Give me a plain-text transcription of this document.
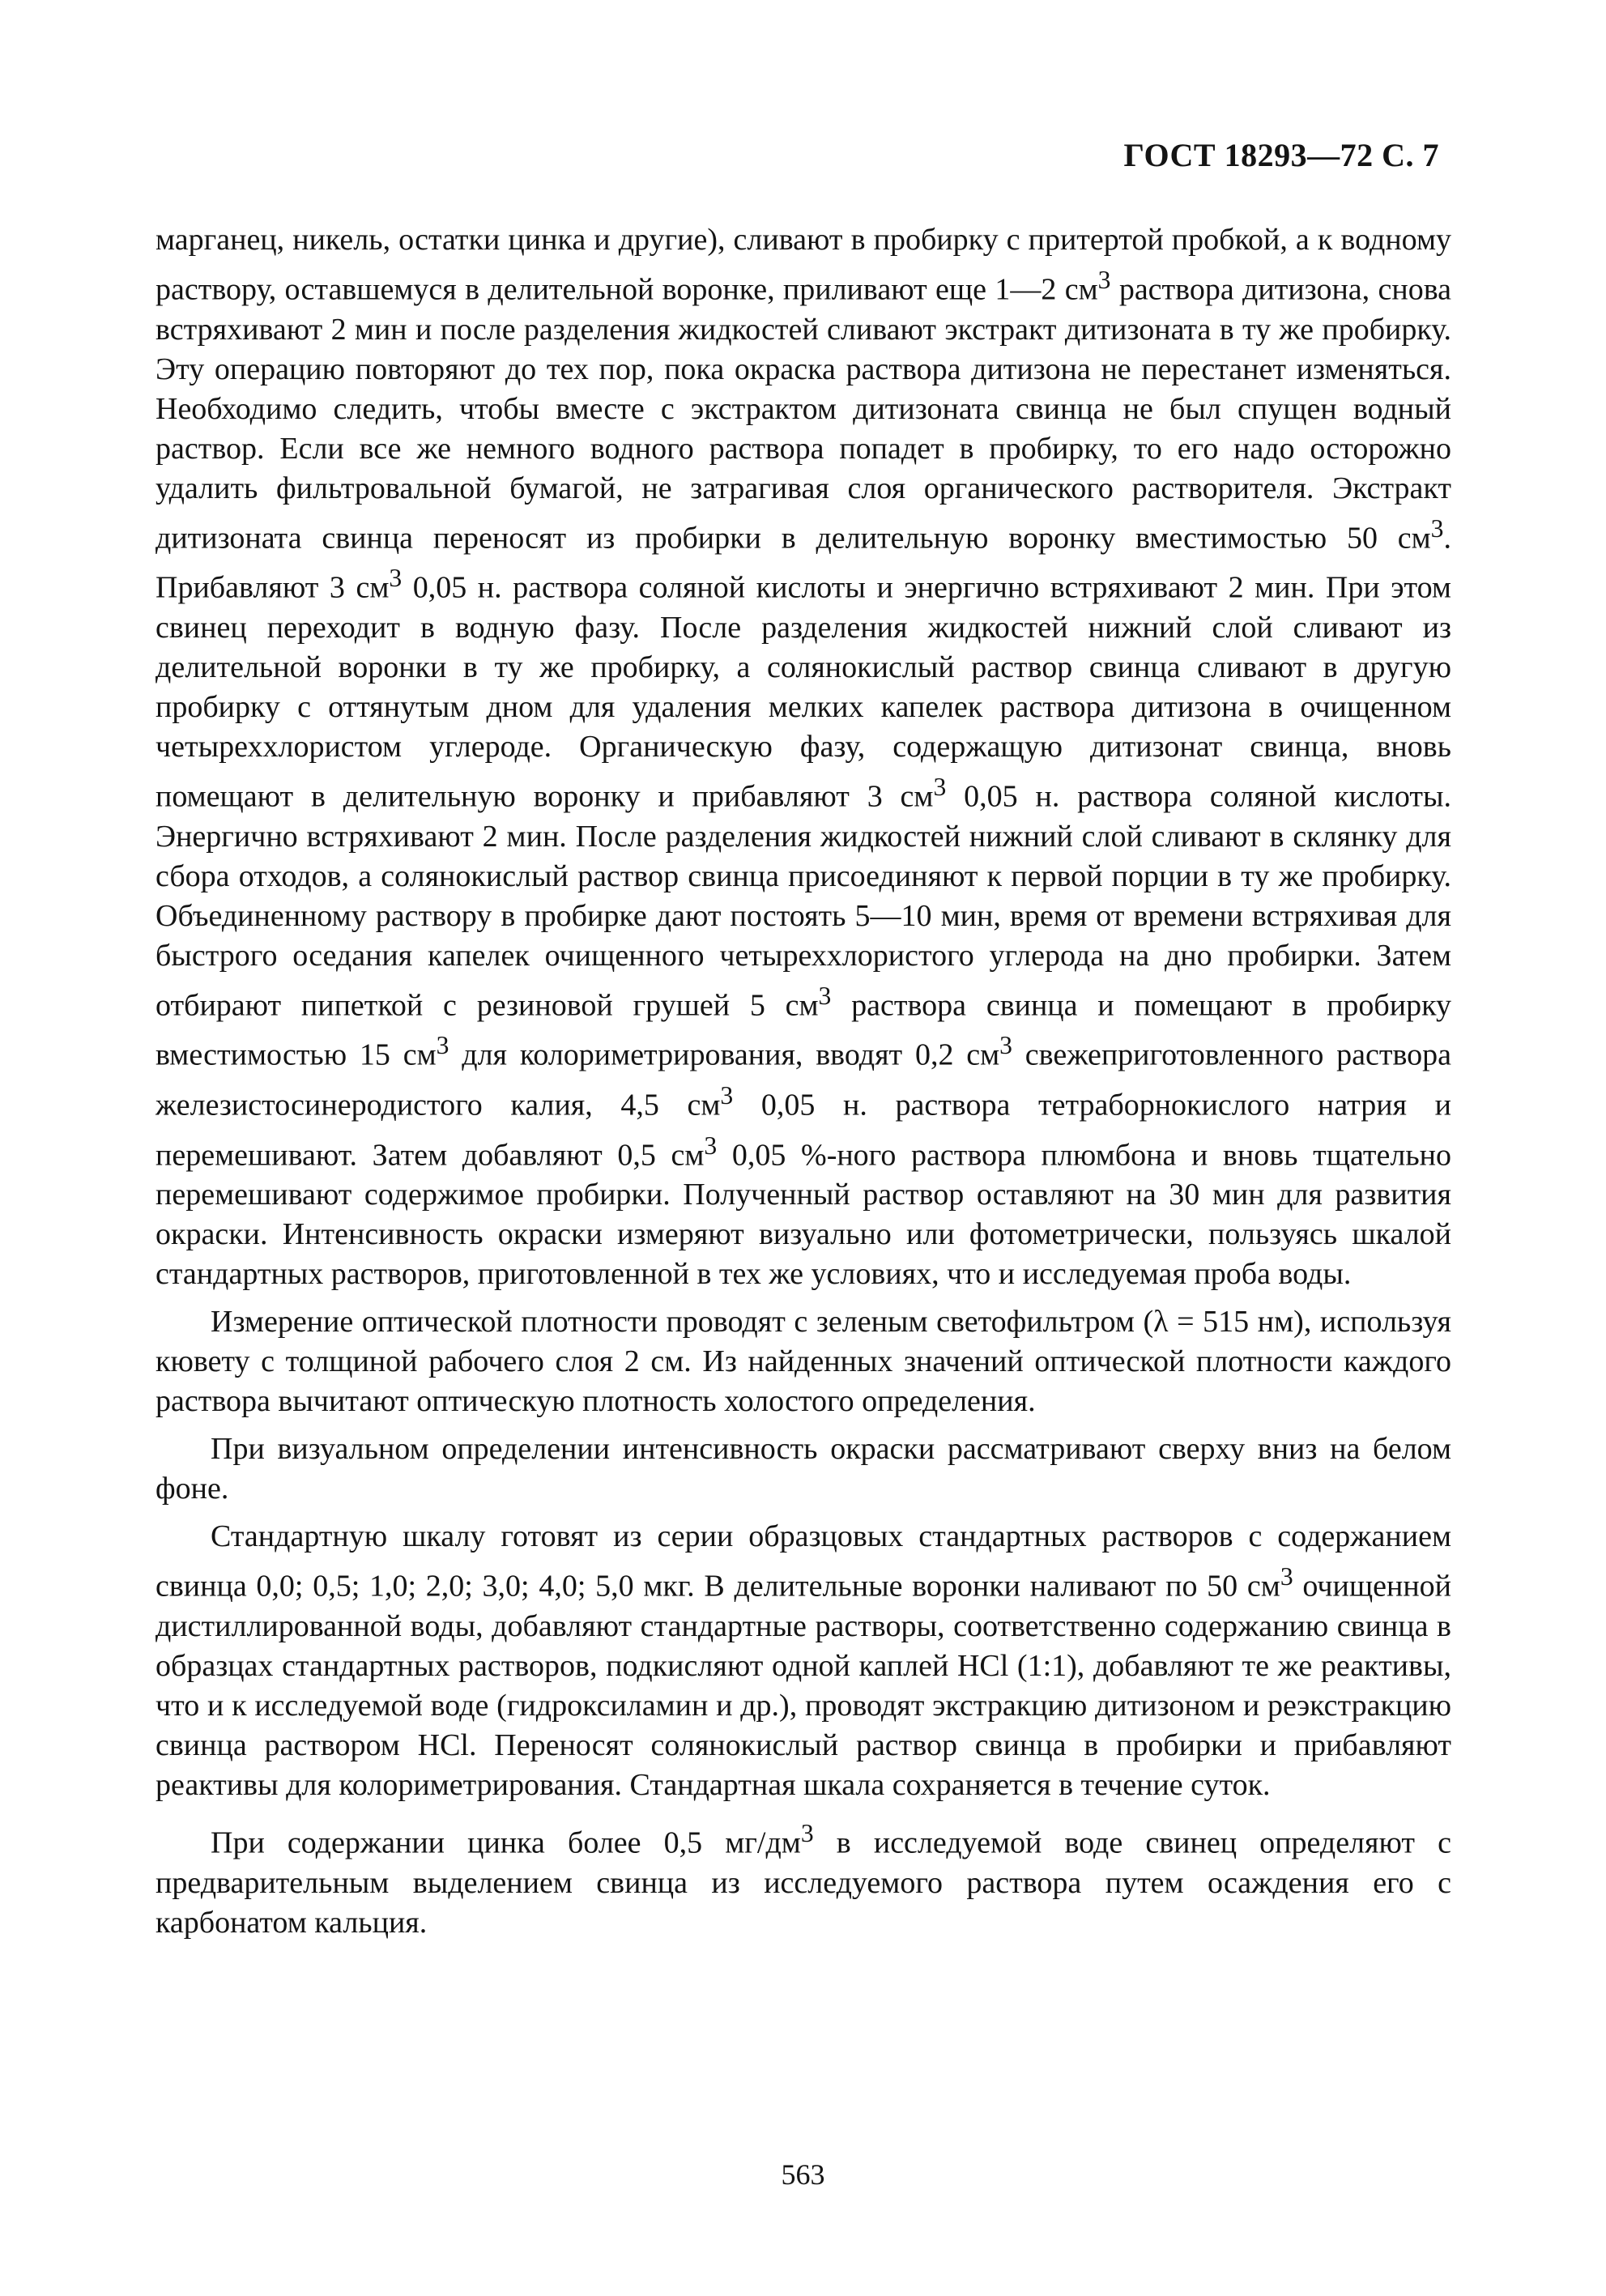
ГОСТ 18293—72 С. 7

марганец, никель, остатки цинка и другие), сливают в пробирку с притертой пробкой, а к водному раствору, оставшемуся в делительной воронке, приливают еще 1—2 $см^3$ раствора дитизона, снова встряхивают 2 мин и после разделения жидкостей сливают экстракт дитизоната в ту же пробирку. Эту операцию повторяют до тех пор, пока окраска раствора дитизона не перестанет изменяться. Необходимо следить, чтобы вместе с экстрактом дитизоната свинца не был спущен водный раствор. Если все же немного водного раствора попадет в пробирку, то его надо осторожно удалить фильтровальной бумагой, не затрагивая слоя органического растворителя. Экстракт дитизоната свинца переносят из пробирки в делительную воронку вместимостью 50 $см^3$. Прибавляют 3 $см^3$ 0,05 н. раствора соляной кислоты и энергично встряхивают 2 мин. При этом свинец переходит в водную фазу. После разделения жидкостей нижний слой сливают из делительной воронки в ту же пробирку, а солянокислый раствор свинца сливают в другую пробирку с оттянутым дном для удаления мелких капелек раствора дитизона в очищенном четыреххлористом углероде. Органическую фазу, содержащую дитизонат свинца, вновь помещают в делительную воронку и прибавляют 3 $см^3$ 0,05 н. раствора соляной кислоты. Энергично встряхивают 2 мин. После разделения жидкостей нижний слой сливают в склянку для сбора отходов, а солянокислый раствор свинца присоединяют к первой порции в ту же пробирку. Объединенному раствору в пробирке дают постоять 5—10 мин, время от времени встряхивая для быстрого оседания капелек очищенного четыреххлористого углерода на дно пробирки. Затем отбирают пипеткой с резиновой грушей 5 $см^3$ раствора свинца и помещают в пробирку вместимостью 15 $см^3$ для колориметрирования, вводят 0,2 $см^3$ свежеприготовленного раствора железистосинеродистого калия, 4,5 $см^3$ 0,05 н. раствора тетраборнокислого натрия и перемешивают. Затем добавляют 0,5 $см^3$ 0,05 %-ного раствора плюмбона и вновь тщательно перемешивают содержимое пробирки. Полученный раствор оставляют на 30 мин для развития окраски. Интенсивность окраски измеряют визуально или фотометрически, пользуясь шкалой стандартных растворов, приготовленной в тех же условиях, что и исследуемая проба воды.

Измерение оптической плотности проводят с зеленым светофильтром (λ = 515 нм), используя кювету с толщиной рабочего слоя 2 см. Из найденных значений оптической плотности каждого раствора вычитают оптическую плотность холостого определения.

При визуальном определении интенсивность окраски рассматривают сверху вниз на белом фоне.

Стандартную шкалу готовят из серии образцовых стандартных растворов с содержанием свинца 0,0; 0,5; 1,0; 2,0; 3,0; 4,0; 5,0 мкг. В делительные воронки наливают по 50 $см^3$ очищенной дистиллированной воды, добавляют стандартные растворы, соответственно содержанию свинца в образцах стандартных растворов, подкисляют одной каплей HCl (1:1), добавляют те же реактивы, что и к исследуемой воде (гидроксиламин и др.), проводят экстракцию дитизоном и реэкстракцию свинца раствором HCl. Переносят солянокислый раствор свинца в пробирки и прибавляют реактивы для колориметрирования. Стандартная шкала сохраняется в течение суток.

При содержании цинка более 0,5 $мг/дм^3$ в исследуемой воде свинец определяют с предварительным выделением свинца из исследуемого раствора путем осаждения его с карбонатом кальция.

563
